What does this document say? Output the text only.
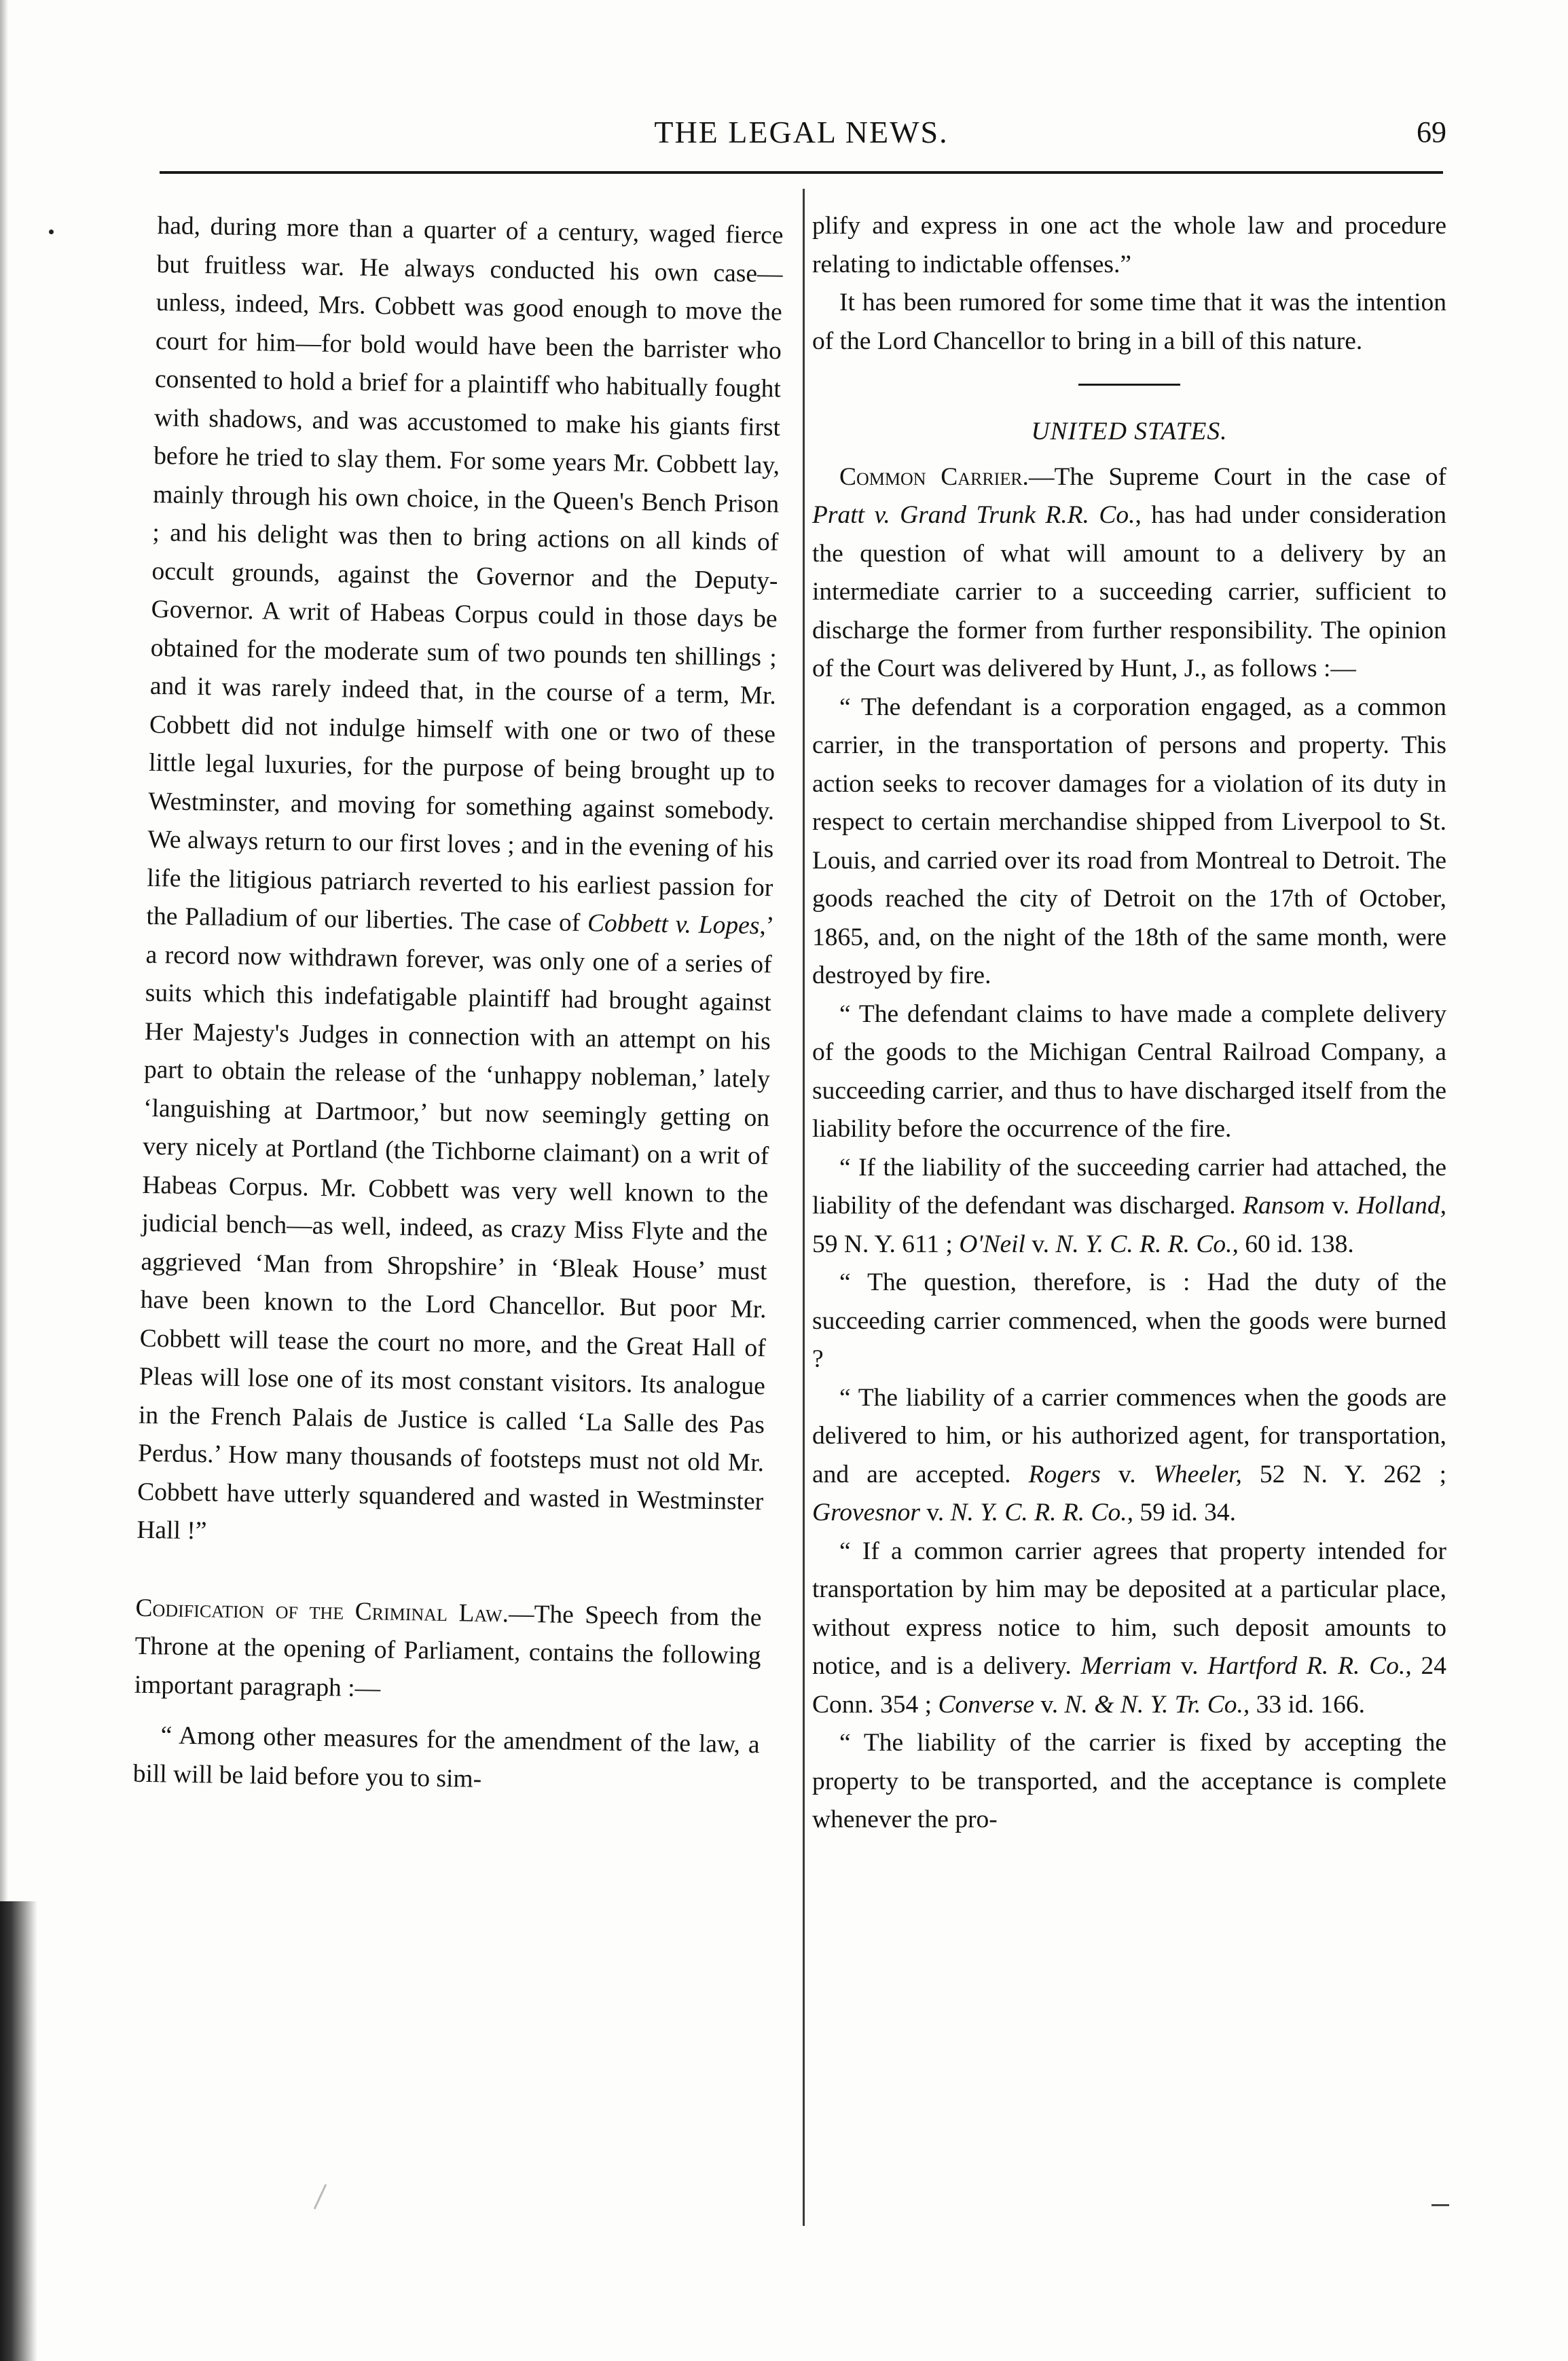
THE LEGAL NEWS.	69

had, during more than a quarter of a century, waged fierce but fruitless war. He always conducted his own case—unless, indeed, Mrs. Cobbett was good enough to move the court for him—for bold would have been the barrister who consented to hold a brief for a plaintiff who habitually fought with shadows, and was accustomed to make his giants first before he tried to slay them. For some years Mr. Cobbett lay, mainly through his own choice, in the Queen's Bench Prison ; and his delight was then to bring actions on all kinds of occult grounds, against the Governor and the Deputy-Governor. A writ of Habeas Corpus could in those days be obtained for the moderate sum of two pounds ten shillings ; and it was rarely indeed that, in the course of a term, Mr. Cobbett did not indulge himself with one or two of these little legal luxuries, for the purpose of being brought up to Westminster, and moving for something against somebody. We always return to our first loves ; and in the evening of his life the litigious patriarch reverted to his earliest passion for the Palladium of our liberties. The case of Cobbett v. Lopes,’ a record now withdrawn forever, was only one of a series of suits which this indefatigable plaintiff had brought against Her Majesty's Judges in connection with an attempt on his part to obtain the release of the ‘unhappy nobleman,’ lately ‘languishing at Dartmoor,’ but now seemingly getting on very nicely at Portland (the Tichborne claimant) on a writ of Habeas Corpus. Mr. Cobbett was very well known to the judicial bench—as well, indeed, as crazy Miss Flyte and the aggrieved ‘Man from Shropshire’ in ‘Bleak House’ must have been known to the Lord Chancellor. But poor Mr. Cobbett will tease the court no more, and the Great Hall of Pleas will lose one of its most constant visitors. Its analogue in the French Palais de Justice is called ‘La Salle des Pas Perdus.’ How many thousands of footsteps must not old Mr. Cobbett have utterly squandered and wasted in Westminster Hall !”

Codification of the Criminal Law.—The Speech from the Throne at the opening of Parliament, contains the following important paragraph :—

“ Among other measures for the amendment of the law, a bill will be laid before you to sim-

plify and express in one act the whole law and procedure relating to indictable offenses.”

It has been rumored for some time that it was the intention of the Lord Chancellor to bring in a bill of this nature.

UNITED STATES.

Common Carrier.—The Supreme Court in the case of Pratt v. Grand Trunk R.R. Co., has had under consideration the question of what will amount to a delivery by an intermediate carrier to a succeeding carrier, sufficient to discharge the former from further responsibility. The opinion of the Court was delivered by Hunt, J., as follows :—

“ The defendant is a corporation engaged, as a common carrier, in the transportation of persons and property. This action seeks to recover damages for a violation of its duty in respect to certain merchandise shipped from Liverpool to St. Louis, and carried over its road from Montreal to Detroit. The goods reached the city of Detroit on the 17th of October, 1865, and, on the night of the 18th of the same month, were destroyed by fire.

“ The defendant claims to have made a complete delivery of the goods to the Michigan Central Railroad Company, a succeeding carrier, and thus to have discharged itself from the liability before the occurrence of the fire.

“ If the liability of the succeeding carrier had attached, the liability of the defendant was discharged. Ransom v. Holland, 59 N. Y. 611 ; O'Neil v. N. Y. C. R. R. Co., 60 id. 138.

“ The question, therefore, is : Had the duty of the succeeding carrier commenced, when the goods were burned ?

“ The liability of a carrier commences when the goods are delivered to him, or his authorized agent, for transportation, and are accepted. Rogers v. Wheeler, 52 N. Y. 262 ; Grovesnor v. N. Y. C. R. R. Co., 59 id. 34.

“ If a common carrier agrees that property intended for transportation by him may be deposited at a particular place, without express notice to him, such deposit amounts to notice, and is a delivery. Merriam v. Hartford R. R. Co., 24 Conn. 354 ; Converse v. N. & N. Y. Tr. Co., 33 id. 166.

“ The liability of the carrier is fixed by accepting the property to be transported, and the acceptance is complete whenever the pro-
